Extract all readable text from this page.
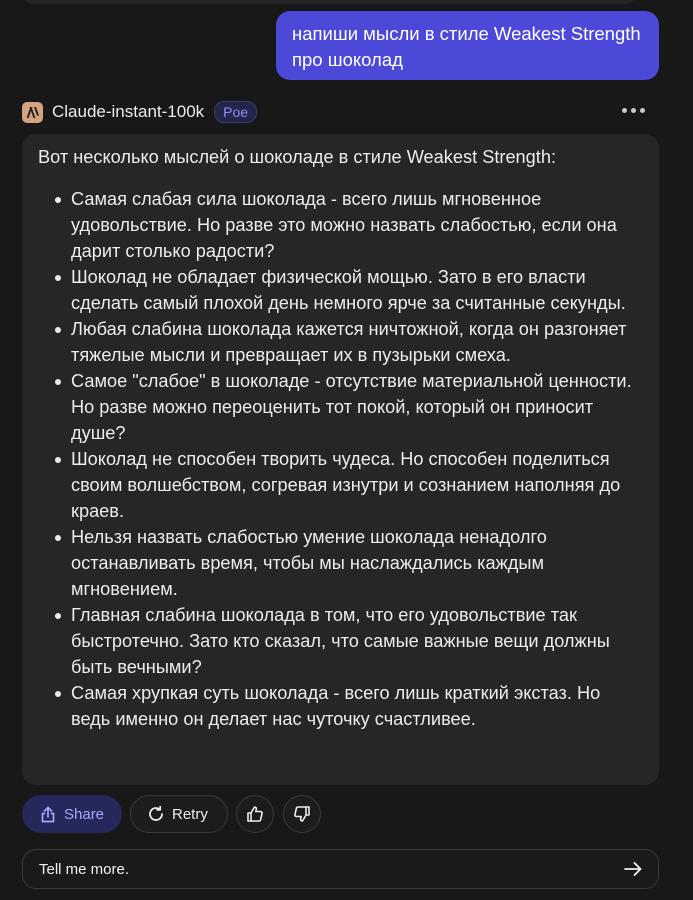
напиши мысли в стиле Weakest Strength про шоколад
Claude-instant-100k	Poe

Вот несколько мыслей о шоколаде в стиле Weakest Strength:

Самая слабая сила шоколада - всего лишь мгновенное удовольствие. Но разве это можно назвать слабостью, если она дарит столько радости?
Шоколад не обладает физической мощью. Зато в его власти сделать самый плохой день немного ярче за считанные секунды.
Любая слабина шоколада кажется ничтожной, когда он разгоняет тяжелые мысли и превращает их в пузырьки смеха.
Самое "слабое" в шоколаде - отсутствие материальной ценности. Но разве можно переоценить тот покой, который он приносит душе?
Шоколад не способен творить чудеса. Но способен поделиться своим волшебством, согревая изнутри и сознанием наполняя до краев.
Нельзя назвать слабостью умение шоколада ненадолго останавливать время, чтобы мы наслаждались каждым мгновением.
Главная слабина шоколада в том, что его удовольствие так быстротечно. Зато кто сказал, что самые важные вещи должны быть вечными?
Самая хрупкая суть шоколада - всего лишь краткий экстаз. Но ведь именно он делает нас чуточку счастливее.
Share	Retry
Tell me more.
